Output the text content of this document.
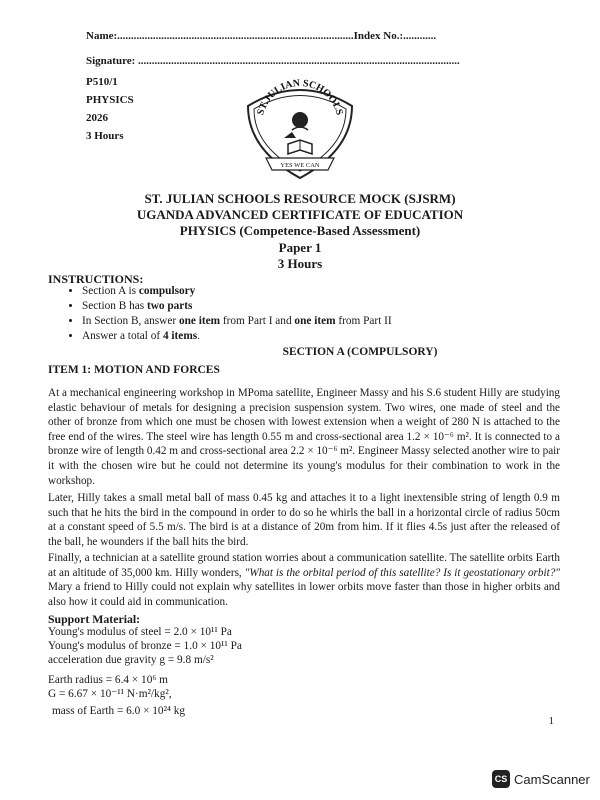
Name:......................................................................................Index No.:............
Signature: .....................................................................................................................
P510/1
PHYSICS
2026
3 Hours
ST.JULIAN SCHOOLS
YES WE CAN
ST. JULIAN SCHOOLS RESOURCE MOCK (SJSRM)
UGANDA ADVANCED CERTIFICATE OF EDUCATION
PHYSICS (Competence-Based Assessment)
Paper 1
3 Hours
INSTRUCTIONS:
• Section A is compulsory
• Section B has two parts
• In Section B, answer one item from Part I and one item from Part II
• Answer a total of 4 items.
SECTION A (COMPULSORY)
ITEM 1: MOTION AND FORCES
At a mechanical engineering workshop in MPoma satellite, Engineer Massy and his S.6 student Hilly are studying elastic behaviour of metals for designing a precision suspension system. Two wires, one made of steel and the other of bronze from which one must be chosen with lowest extension when a weight of 280 N is attached to the free end of the wires. The steel wire has length 0.55 m and cross-sectional area 1.2 × 10⁻⁶ m². It is connected to a bronze wire of length 0.42 m and cross-sectional area 2.2 × 10⁻⁶ m². Engineer Massy selected another wire to pair it with the chosen wire but he could not determine its young's modulus for their combination to work in the workshop.
Later, Hilly takes a small metal ball of mass 0.45 kg and attaches it to a light inextensible string of length 0.9 m such that he hits the bird in the compound in order to do so he whirls the ball in a horizontal circle of radius 50cm at a constant speed of 5.5 m/s. The bird is at a distance of 20m from him. If it flies 4.5s just after the released of the ball, he wounders if the ball hits the bird.
Finally, a technician at a satellite ground station worries about a communication satellite. The satellite orbits Earth at an altitude of 35,000 km. Hilly wonders, "What is the orbital period of this satellite? Is it geostationary orbit?" Mary a friend to Hilly could not explain why satellites in lower orbits move faster than those in higher orbits and also how it could aid in communication.
Support Material:
Young's modulus of steel = 2.0 × 10¹¹ Pa
Young's modulus of bronze = 1.0 × 10¹¹ Pa
acceleration due gravity g = 9.8 m/s²
Earth radius = 6.4 × 10⁶ m
G = 6.67 × 10⁻¹¹ N·m²/kg²,
mass of Earth = 6.0 × 10²⁴ kg
1
CS CamScanner
